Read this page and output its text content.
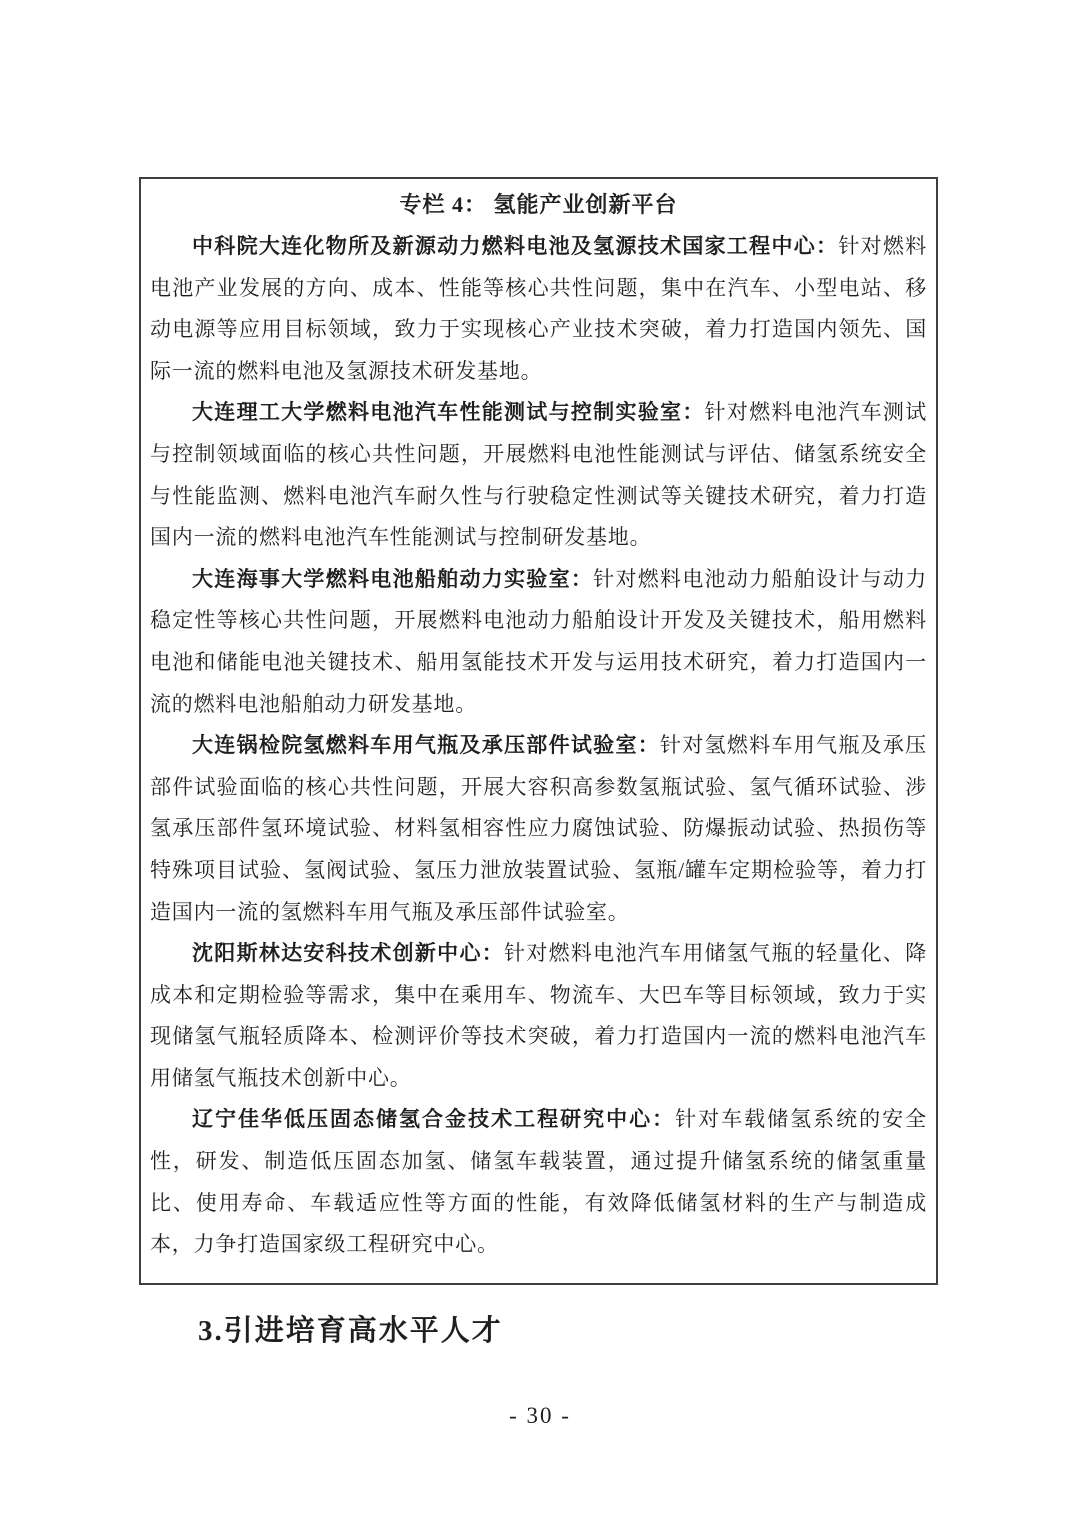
专栏 4： 氢能产业创新平台

中科院大连化物所及新源动力燃料电池及氢源技术国家工程中心：针对燃料电池产业发展的方向、成本、性能等核心共性问题，集中在汽车、小型电站、移动电源等应用目标领域，致力于实现核心产业技术突破，着力打造国内领先、国际一流的燃料电池及氢源技术研发基地。

大连理工大学燃料电池汽车性能测试与控制实验室：针对燃料电池汽车测试与控制领域面临的核心共性问题，开展燃料电池性能测试与评估、储氢系统安全与性能监测、燃料电池汽车耐久性与行驶稳定性测试等关键技术研究，着力打造国内一流的燃料电池汽车性能测试与控制研发基地。

大连海事大学燃料电池船舶动力实验室：针对燃料电池动力船舶设计与动力稳定性等核心共性问题，开展燃料电池动力船舶设计开发及关键技术，船用燃料电池和储能电池关键技术、船用氢能技术开发与运用技术研究，着力打造国内一流的燃料电池船舶动力研发基地。

大连锅检院氢燃料车用气瓶及承压部件试验室：针对氢燃料车用气瓶及承压部件试验面临的核心共性问题，开展大容积高参数氢瓶试验、氢气循环试验、涉氢承压部件氢环境试验、材料氢相容性应力腐蚀试验、防爆振动试验、热损伤等特殊项目试验、氢阀试验、氢压力泄放装置试验、氢瓶/罐车定期检验等，着力打造国内一流的氢燃料车用气瓶及承压部件试验室。

沈阳斯林达安科技术创新中心：针对燃料电池汽车用储氢气瓶的轻量化、降成本和定期检验等需求，集中在乘用车、物流车、大巴车等目标领域，致力于实现储氢气瓶轻质降本、检测评价等技术突破，着力打造国内一流的燃料电池汽车用储氢气瓶技术创新中心。

辽宁佳华低压固态储氢合金技术工程研究中心：针对车载储氢系统的安全性，研发、制造低压固态加氢、储氢车载装置，通过提升储氢系统的储氢重量比、使用寿命、车载适应性等方面的性能，有效降低储氢材料的生产与制造成本，力争打造国家级工程研究中心。

3.引进培育高水平人才
- 30 -
